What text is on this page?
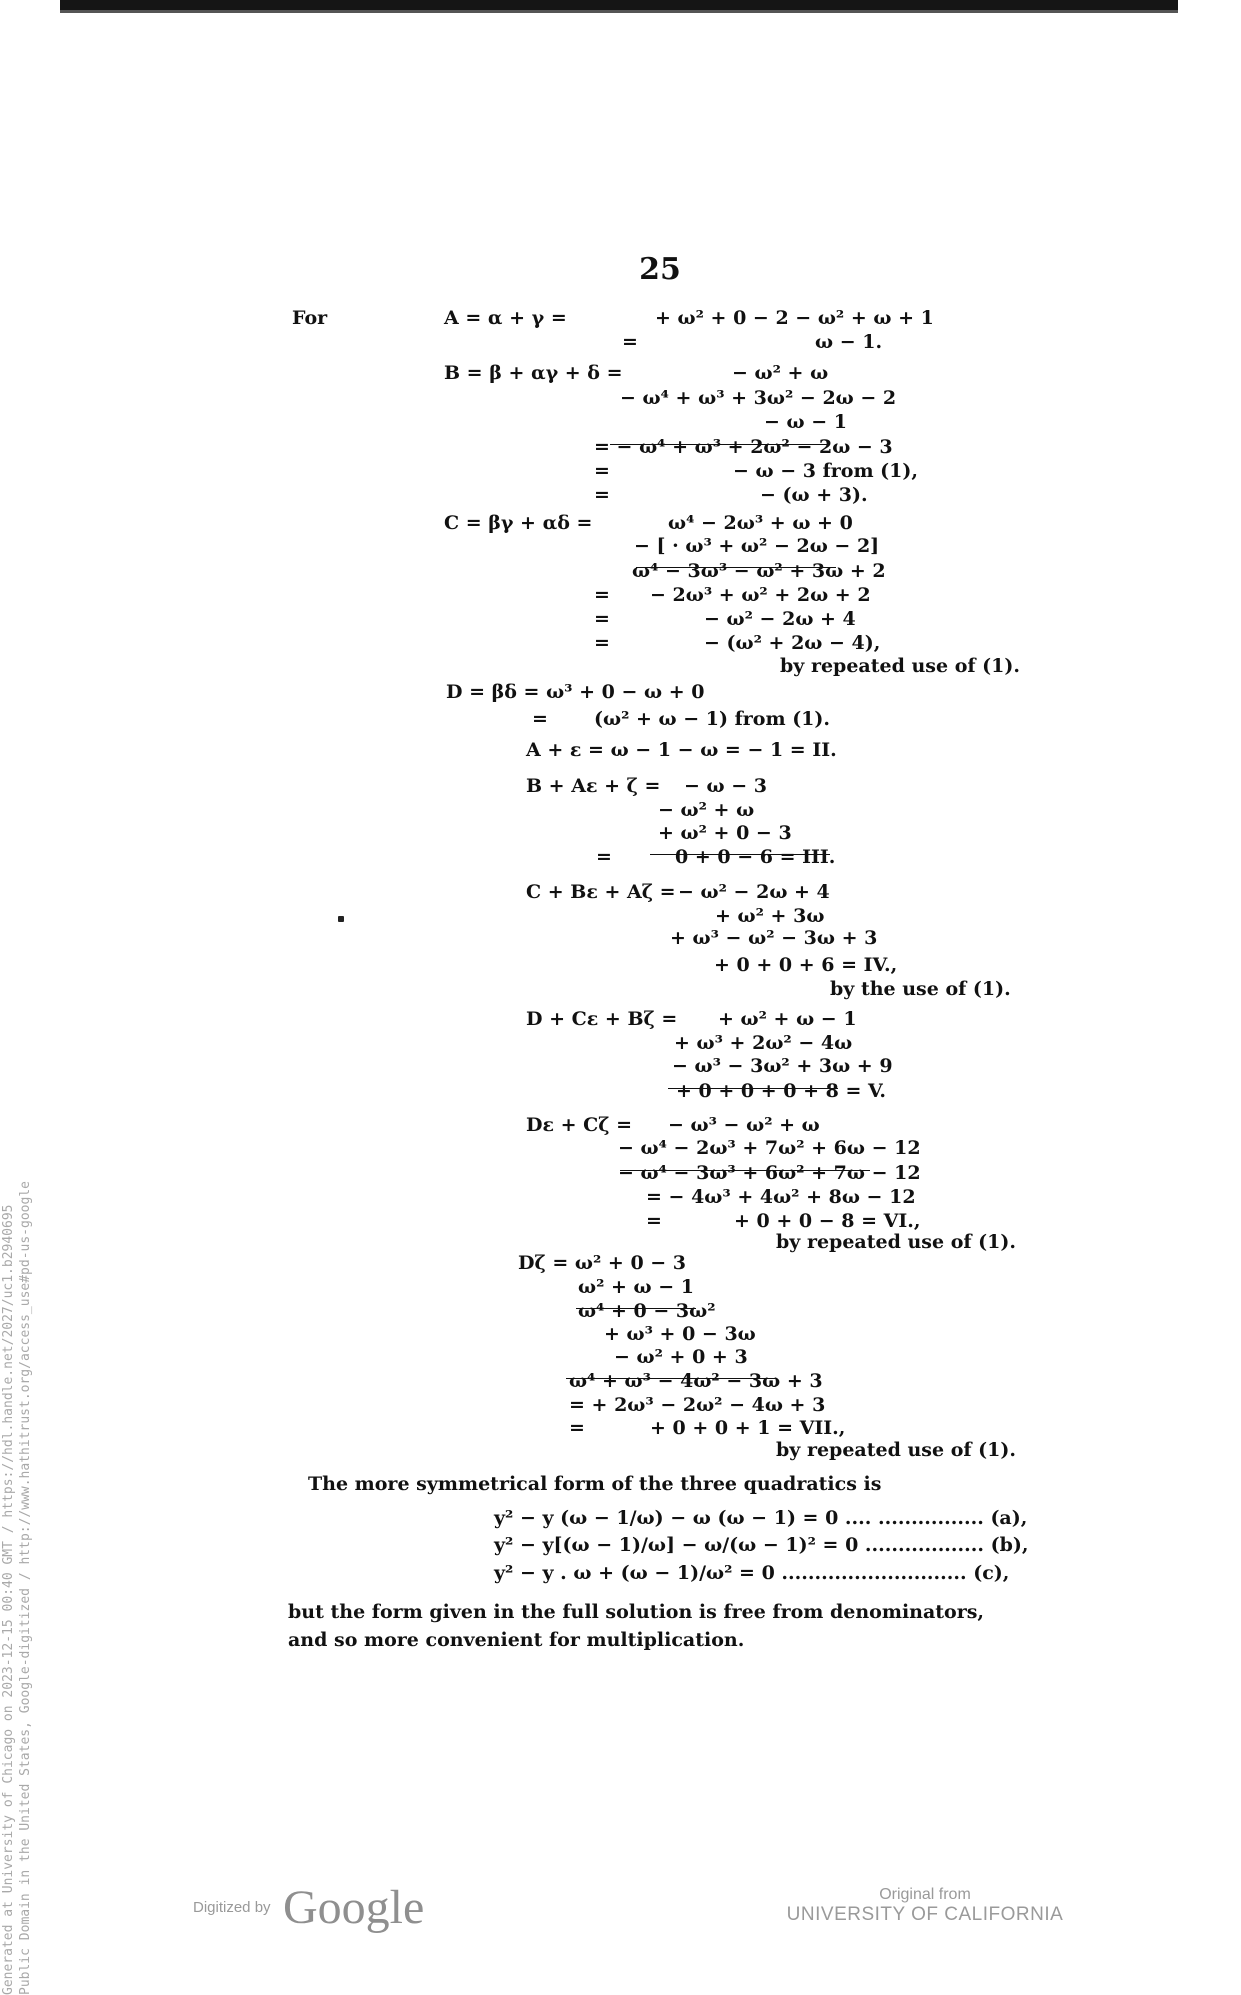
25
For	A = α + γ =	+ ω² + 0 − 2 − ω² + ω + 1
=	ω − 1.
B = β + αγ + δ =	− ω² + ω
− ω⁴ + ω³ + 3ω² − 2ω − 2
− ω − 1
= − ω⁴ + ω³ + 2ω² − 2ω − 3
=	− ω − 3 from (1),
=	− (ω + 3).
C = βγ + αδ =	ω⁴ − 2ω³ + ω + 0
− [ · ω³ + ω² − 2ω − 2]
ω⁴ − 3ω³ − ω² + 3ω + 2
= − 2ω³ + ω² + 2ω + 2
=	− ω² − 2ω + 4
=	− (ω² + 2ω − 4),
by repeated use of (1).
D = βδ = ω³ + 0 − ω + 0
= (ω² + ω − 1) from (1).
A + ε = ω − 1 − ω = − 1 = II.
B + Aε + ζ = − ω − 3
− ω² + ω
+ ω² + 0 − 3
=	0 + 0 − 6 = III.
C + Bε + Aζ = − ω² − 2ω + 4
+ ω² + 3ω
+ ω³ − ω² − 3ω + 3
+ 0 + 0 + 6 = IV.,
by the use of (1).
D + Cε + Bζ = + ω² + ω − 1
+ ω³ + 2ω² − 4ω
− ω³ − 3ω² + 3ω + 9
+ 0 + 0 + 0 + 8 = V.
Dε + Cζ = − ω³ − ω² + ω
− ω⁴ − 2ω³ + 7ω² + 6ω − 12
− ω⁴ − 3ω³ + 6ω² + 7ω − 12
= − 4ω³ + 4ω² + 8ω − 12
=	+ 0 + 0 − 8 = VI.,
by repeated use of (1).
Dζ = ω² + 0 − 3
ω² + ω − 1
ω⁴ + 0 − 3ω²
+ ω³ + 0 − 3ω
− ω² + 0 + 3
ω⁴ + ω³ − 4ω² − 3ω + 3
= + 2ω³ − 2ω² − 4ω + 3
=	+ 0 + 0 + 1 = VII.,
by repeated use of (1).
The more symmetrical form of the three quadratics is
y² − y (ω − 1/ω) − ω (ω − 1) = 0 .... ................ (a),
y² − y[(ω − 1)/ω] − ω/(ω − 1)² = 0 .................. (b),
y² − y . ω + (ω − 1)/ω² = 0 ............................ (c),
but the form given in the full solution is free from denominators, and so more convenient for multiplication.
Generated at University of Chicago on 2023-12-15 00:40 GMT / https://hdl.handle.net/2027/uc1.b2940695 Public Domain in the United States, Google-digitized / http://www.hathitrust.org/access_use#pd-us-google	Digitized by Google	Original from
UNIVERSITY OF CALIFORNIA
